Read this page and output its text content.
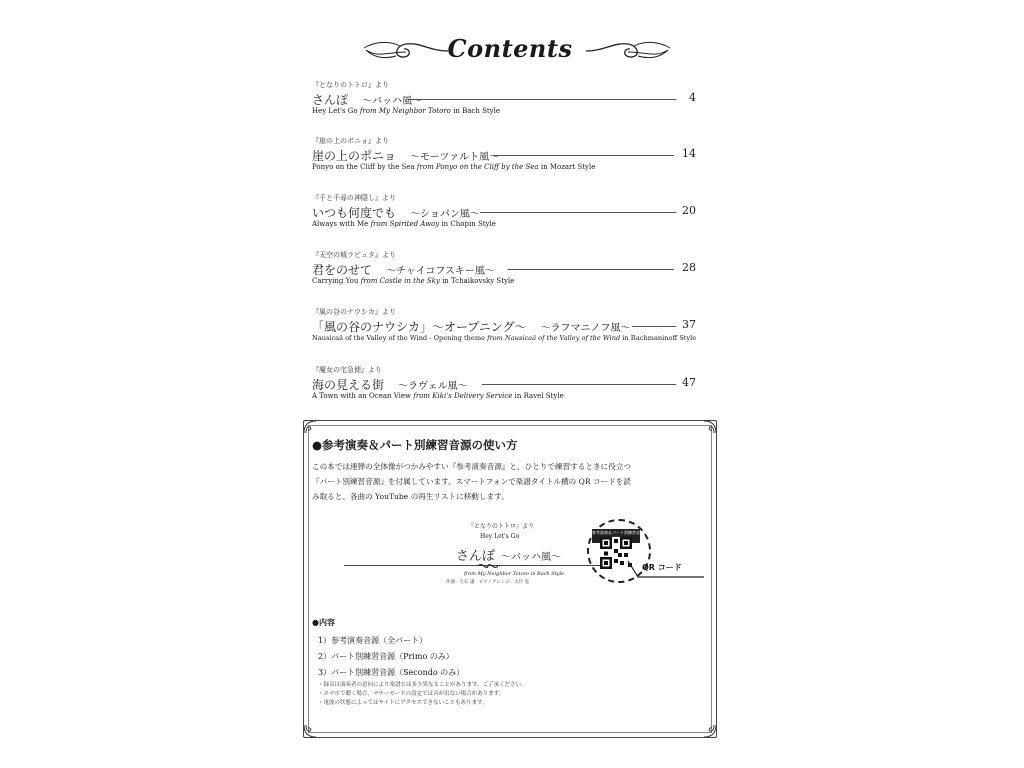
Contents
『となりのトトロ』より
さんぽ ～バッハ風～	4
Hey Let's Go from My Neighbor Totoro in Bach Style
『崖の上のポニョ』より
崖の上のポニョ ～モーツァルト風～	14
Ponyo on the Cliff by the Sea from Ponyo on the Cliff by the Sea in Mozart Style
『千と千尋の神隠し』より
いつも何度でも ～ショパン風～	20
Always with Me from Spirited Away in Chopin Style
『天空の城ラピュタ』より
君をのせて ～チャイコフスキー風～	28
Carrying You from Castle in the Sky in Tchaikovsky Style
『風の谷のナウシカ』より
「風の谷のナウシカ」～オープニング～ ～ラフマニノフ風～	37
Nausicaä of the Valley of the Wind - Opening theme from Nausicaä of the Valley of the Wind in Rachmaninoff Style
『魔女の宅急便』より
海の見える街 ～ラヴェル風～	47
A Town with an Ocean View from Kiki's Delivery Service in Ravel Style
●参考演奏＆パート別練習音源の使い方

この本では連弾の全体像がつかみやすい『参考演奏音源』と、ひとりで練習するときに役立つ

『パート別練習音源』を付属しています。スマートフォンで楽譜タイトル横の QR コードを読

み取ると、各曲の YouTube の再生リストに移動します。

『となりのトトロ』より
Hey Let's Go
さんぽ ～バッハ風～
from My Neighbor Totoro in Bach Style
作曲：久石 譲　ピアノアレンジ：大竹 晃
参考演奏＆パート別練習音
QR コード
●内容
1）参考演奏音源（全パート）
2）パート別練習音源（Primo のみ）
3）パート別練習音源（Secondo のみ）
・録音は演奏者の意向により楽譜とは多少異なることがあります。ご了承ください。
・スマホで聴く場合、マナーモードの設定では音が出ない場合があります。
・電波の状態によってはサイトにアクセスできないこともあります。
